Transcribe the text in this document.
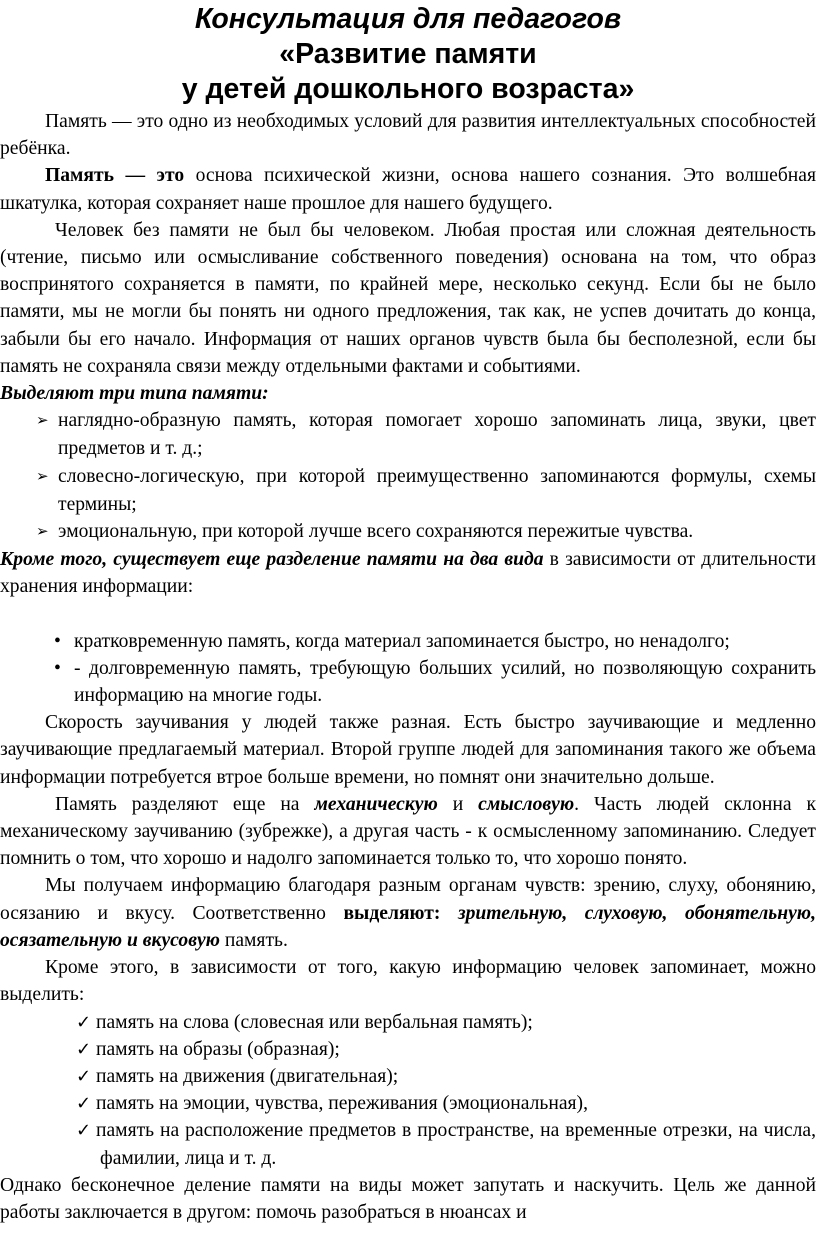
Консультация для педагогов
«Развитие памяти
у детей дошкольного возраста»

Память — это одно из необходимых условий для развития интеллектуальных способностей ребёнка.

Память — это основа психической жизни, основа нашего сознания. Это волшебная шкатулка, которая сохраняет наше прошлое для нашего будущего.

Человек без памяти не был бы человеком. Любая простая или сложная деятельность (чтение, письмо или осмысливание собственного поведения) основана на том, что образ воспринятого сохраняется в памяти, по крайней мере, несколько секунд. Если бы не было памяти, мы не могли бы понять ни одного предложения, так как, не успев дочитать до конца, забыли бы его начало. Информация от наших органов чувств была бы бесполезной, если бы память не сохраняла связи между отдельными фактами и событиями.

Выделяют три типа памяти:

➢ наглядно-образную память, которая помогает хорошо запоминать лица, звуки, цвет предметов и т. д.;
➢ словесно-логическую, при которой преимущественно запоминаются формулы, схемы термины;
➢ эмоциональную, при которой лучше всего сохраняются пережитые чувства.

Кроме того, существует еще разделение памяти на два вида в зависимости от длительности хранения информации:

• кратковременную память, когда материал запоминается быстро, но ненадолго;
• - долговременную память, требующую больших усилий, но позволяющую сохранить информацию на многие годы.

Скорость заучивания у людей также разная. Есть быстро заучивающие и медленно заучивающие предлагаемый материал. Второй группе людей для запоминания такого же объема информации потребуется втрое больше времени, но помнят они значительно дольше.

Память разделяют еще на механическую и смысловую. Часть людей склонна к механическому заучиванию (зубрежке), а другая часть - к осмысленному запоминанию. Следует помнить о том, что хорошо и надолго запоминается только то, что хорошо понято.

Мы получаем информацию благодаря разным органам чувств: зрению, слуху, обонянию, осязанию и вкусу. Соответственно выделяют: зрительную, слуховую, обонятельную, осязательную и вкусовую память.

Кроме этого, в зависимости от того, какую информацию человек запоминает, можно выделить:

✓ память на слова (словесная или вербальная память);
✓ память на образы (образная);
✓ память на движения (двигательная);
✓ память на эмоции, чувства, переживания (эмоциональная),
✓ память на расположение предметов в пространстве, на временные отрезки, на числа, фамилии, лица и т. д.

Однако бесконечное деление памяти на виды может запутать и наскучить. Цель же данной работы заключается в другом: помочь разобраться в нюансах и
